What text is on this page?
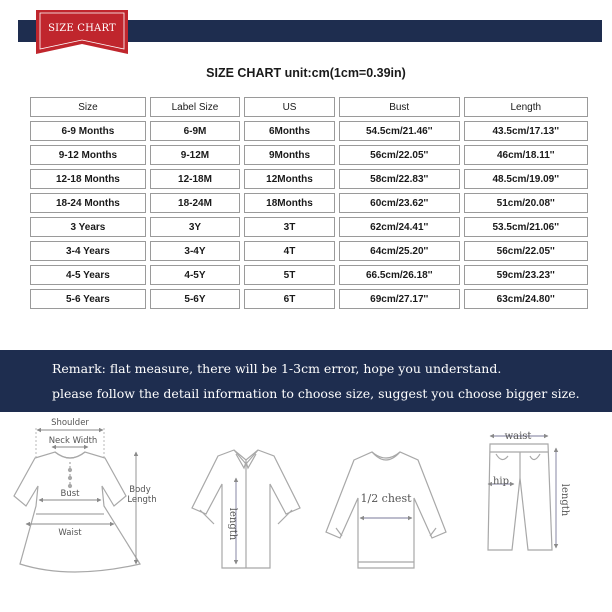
SIZE CHART
SIZE CHART unit:cm(1cm=0.39in)
Size	Label Size	US	Bust	Length
6-9 Months	6-9M	6Months	54.5cm/21.46''	43.5cm/17.13''
9-12 Months	9-12M	9Months	56cm/22.05''	46cm/18.11''
12-18 Months	12-18M	12Months	58cm/22.83''	48.5cm/19.09''
18-24 Months	18-24M	18Months	60cm/23.62''	51cm/20.08''
3 Years	3Y	3T	62cm/24.41''	53.5cm/21.06''
3-4 Years	3-4Y	4T	64cm/25.20''	56cm/22.05''
4-5 Years	4-5Y	5T	66.5cm/26.18''	59cm/23.23''
5-6 Years	5-6Y	6T	69cm/27.17''	63cm/24.80''
Remark: flat measure, there will be 1-3cm error, hope you understand.
please follow the detail information to choose size, suggest you choose bigger size.
Shoulder
Neck Width
Bust
Waist
Body
Length
length
1/2 chest
waist
hip
length
